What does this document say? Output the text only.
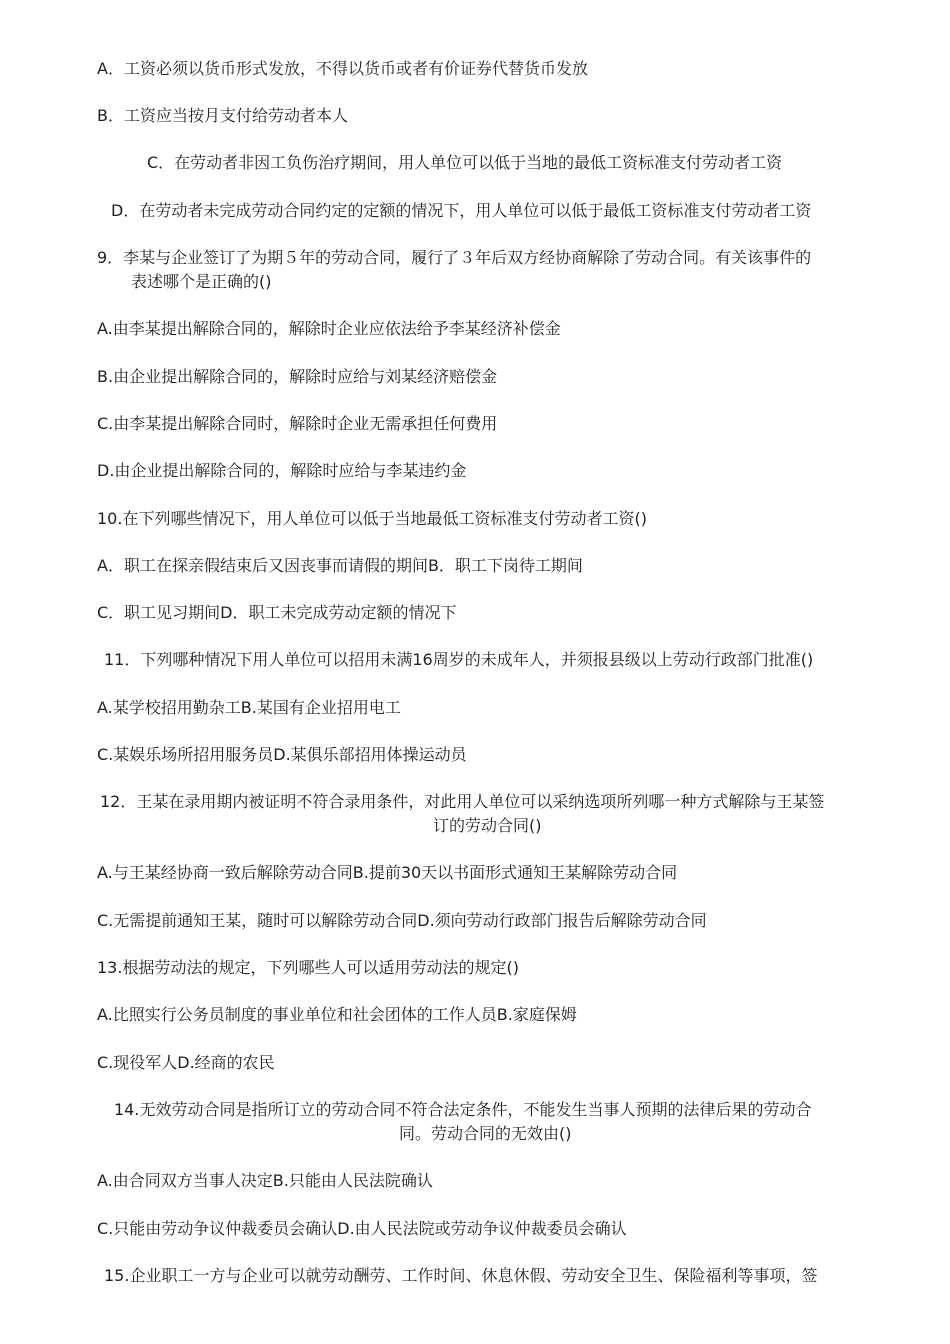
A．工资必须以货币形式发放，不得以货币或者有价证券代替货币发放
B．工资应当按月支付给劳动者本人
C．在劳动者非因工负伤治疗期间，用人单位可以低于当地的最低工资标准支付劳动者工资
D．在劳动者未完成劳动合同约定的定额的情况下，用人单位可以低于最低工资标准支付劳动者工资
9．李某与企业签订了为期５年的劳动合同，履行了３年后双方经协商解除了劳动合同。有关该事件的
表述哪个是正确的()
A.由李某提出解除合同的，解除时企业应依法给予李某经济补偿金
B.由企业提出解除合同的，解除时应给与刘某经济赔偿金
C.由李某提出解除合同时，解除时企业无需承担任何费用
D.由企业提出解除合同的，解除时应给与李某违约金
10.在下列哪些情况下，用人单位可以低于当地最低工资标准支付劳动者工资()
A．职工在探亲假结束后又因丧事而请假的期间B．职工下岗待工期间
C．职工见习期间D．职工未完成劳动定额的情况下
11．下列哪种情况下用人单位可以招用未满16周岁的未成年人，并须报县级以上劳动行政部门批准()
A.某学校招用勤杂工B.某国有企业招用电工
C.某娱乐场所招用服务员D.某俱乐部招用体操运动员
12．王某在录用期内被证明不符合录用条件，对此用人单位可以采纳选项所列哪一种方式解除与王某签
订的劳动合同()
A.与王某经协商一致后解除劳动合同B.提前30天以书面形式通知王某解除劳动合同
C.无需提前通知王某，随时可以解除劳动合同D.须向劳动行政部门报告后解除劳动合同
13.根据劳动法的规定，下列哪些人可以适用劳动法的规定()
A.比照实行公务员制度的事业单位和社会团体的工作人员B.家庭保姆
C.现役军人D.经商的农民
14.无效劳动合同是指所订立的劳动合同不符合法定条件，不能发生当事人预期的法律后果的劳动合
同。劳动合同的无效由()
A.由合同双方当事人决定B.只能由人民法院确认
C.只能由劳动争议仲裁委员会确认D.由人民法院或劳动争议仲裁委员会确认
15.企业职工一方与企业可以就劳动酬劳、工作时间、休息休假、劳动安全卫生、保险福利等事项，签
